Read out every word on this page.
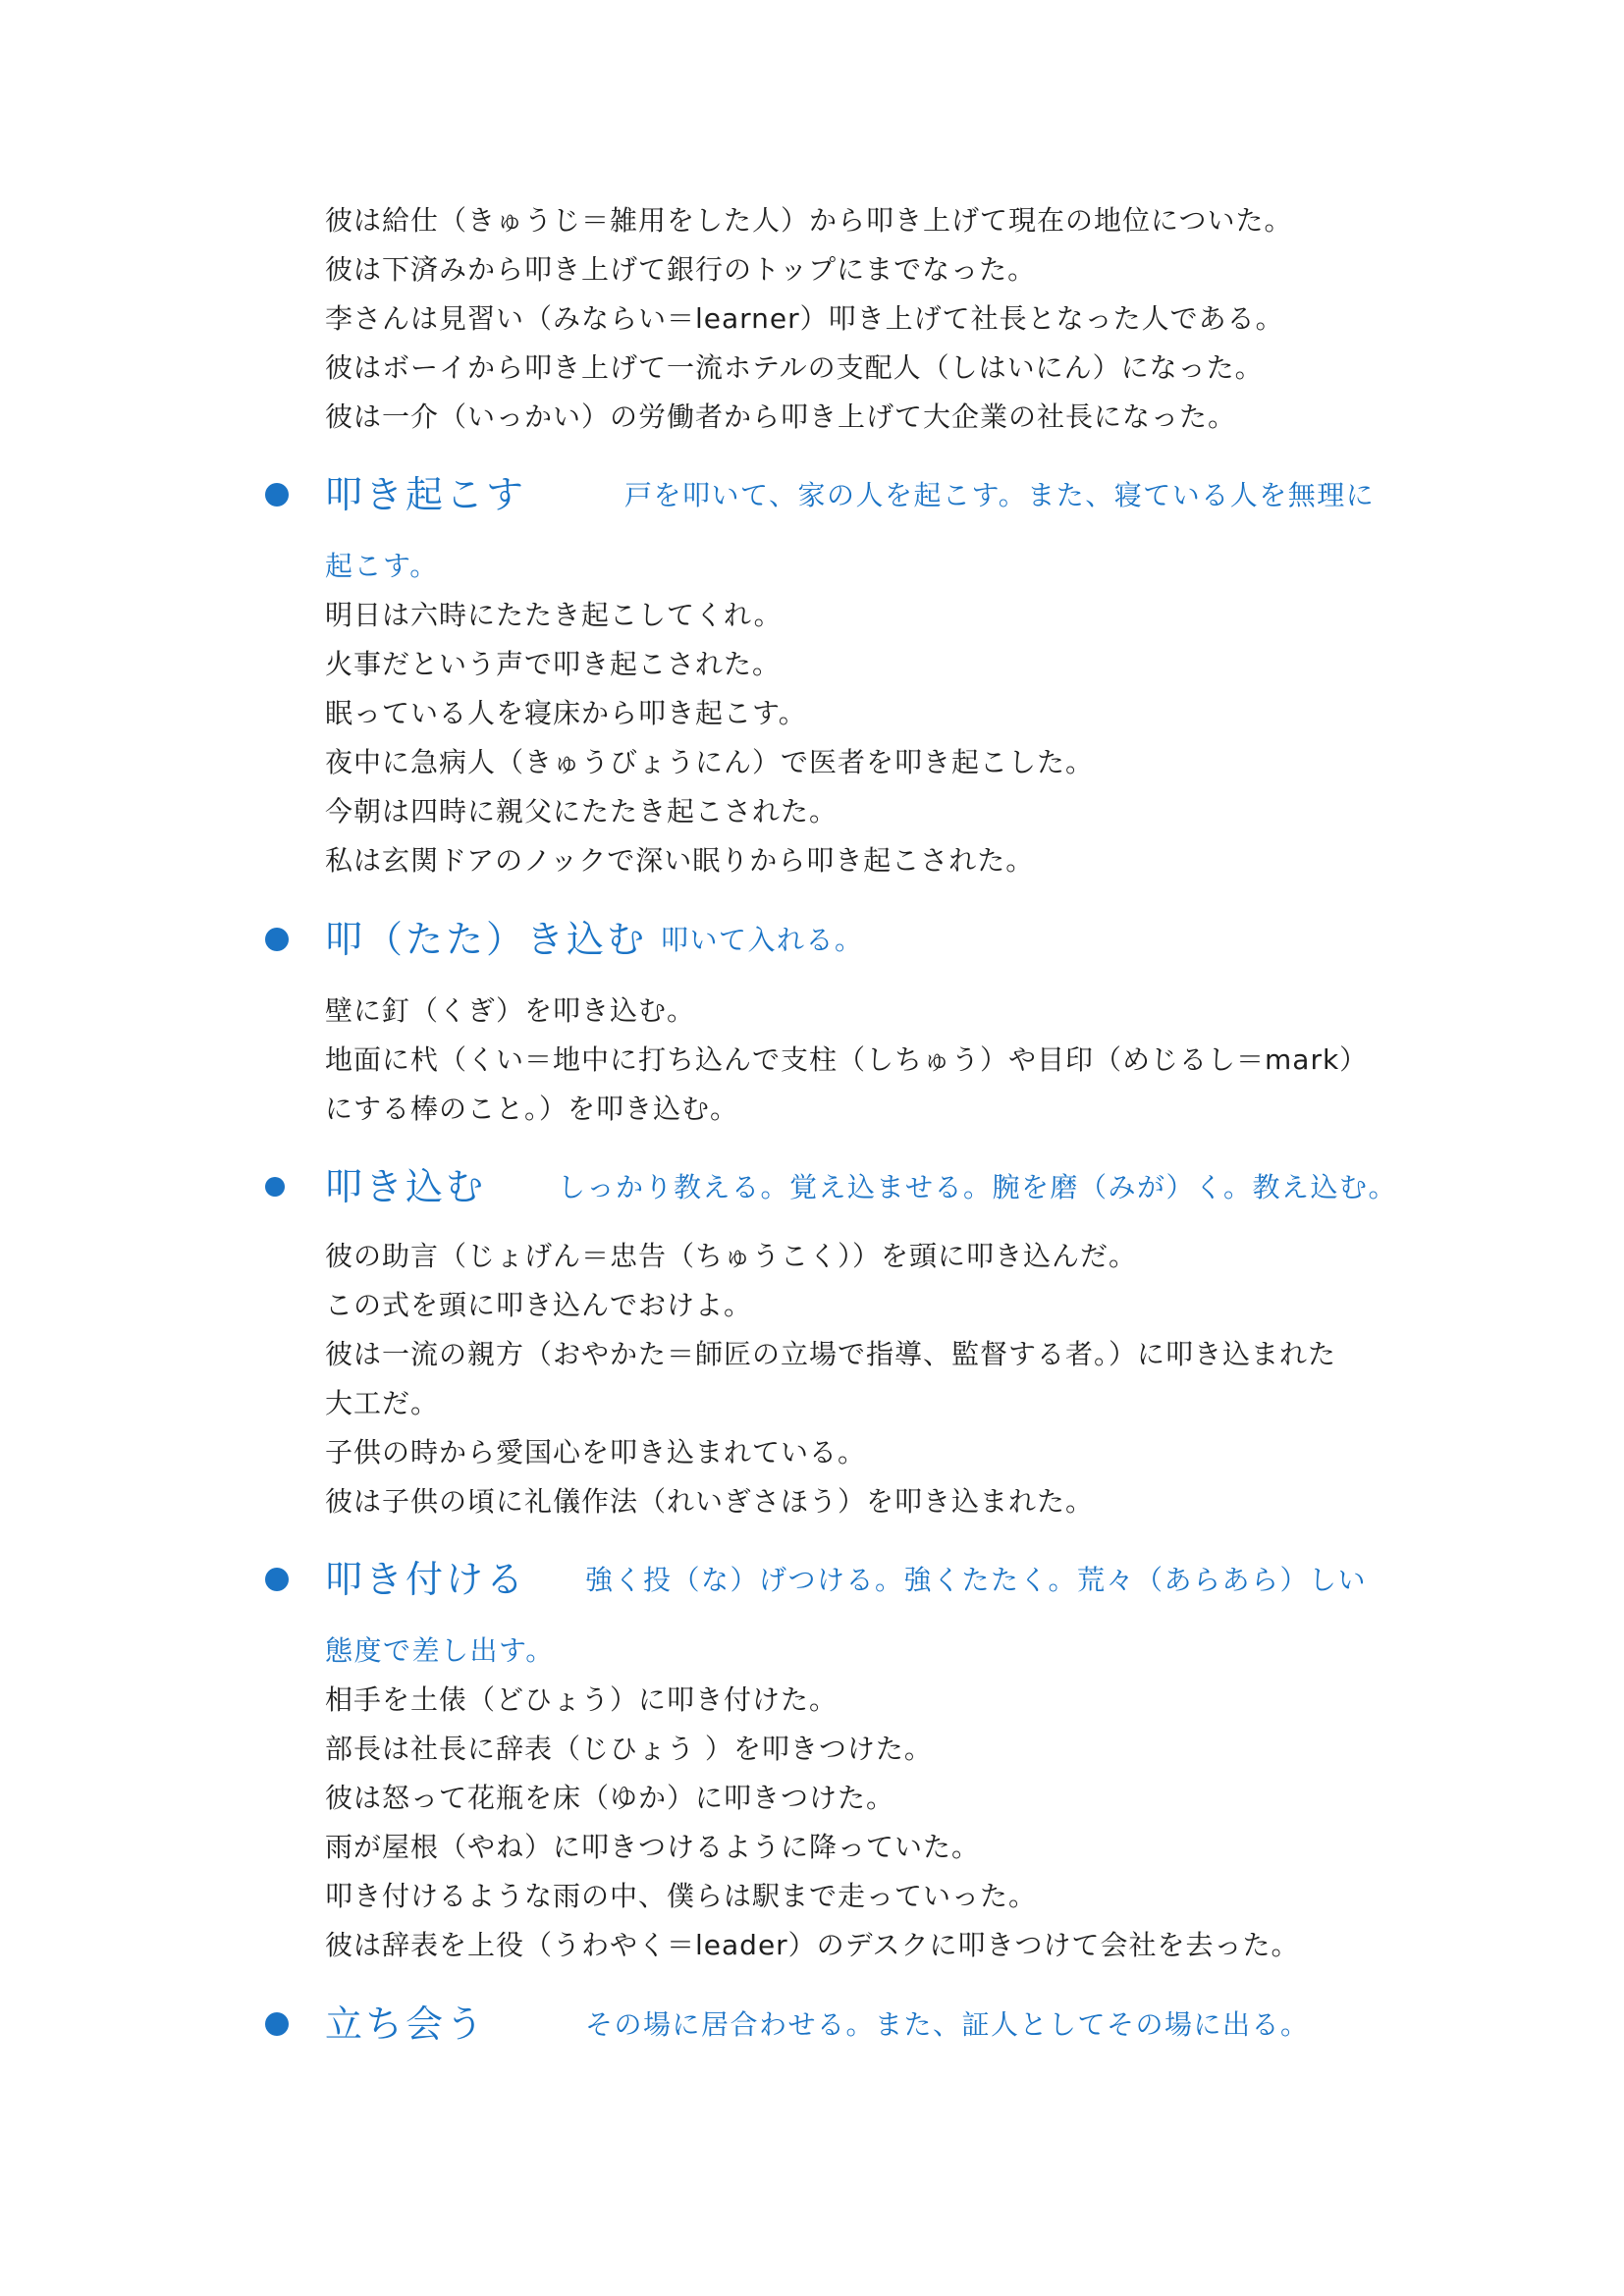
彼は給仕（きゅうじ＝雑用をした人）から叩き上げて現在の地位についた。
彼は下済みから叩き上げて銀行のトップにまでなった。
李さんは見習い（みならい＝learner）叩き上げて社長となった人である。
彼はボーイから叩き上げて一流ホテルの支配人（しはいにん）になった。
彼は一介（いっかい）の労働者から叩き上げて大企業の社長になった。
叩き起こす	戸を叩いて、家の人を起こす。また、寝ている人を無理に
起こす。
明日は六時にたたき起こしてくれ。
火事だという声で叩き起こされた。
眠っている人を寝床から叩き起こす。
夜中に急病人（きゅうびょうにん）で医者を叩き起こした。
今朝は四時に親父にたたき起こされた。
私は玄関ドアのノックで深い眠りから叩き起こされた。
叩（たた）き込む 叩いて入れる。
壁に釘（くぎ）を叩き込む。
地面に杙（くい＝地中に打ち込んで支柱（しちゅう）や目印（めじるし＝mark）
にする棒のこと。）を叩き込む。
叩き込む	しっかり教える。覚え込ませる。腕を磨（みが）く。教え込む。
彼の助言（じょげん＝忠告（ちゅうこく））を頭に叩き込んだ。
この式を頭に叩き込んでおけよ。
彼は一流の親方（おやかた＝師匠の立場で指導、監督する者。）に叩き込まれた
大工だ。
子供の時から愛国心を叩き込まれている。
彼は子供の頃に礼儀作法（れいぎさほう）を叩き込まれた。
叩き付ける 強く投（な）げつける。強くたたく。荒々（あらあら）しい
態度で差し出す。
相手を土俵（どひょう）に叩き付けた。
部長は社長に辞表（じひょう ）を叩きつけた。
彼は怒って花瓶を床（ゆか）に叩きつけた。
雨が屋根（やね）に叩きつけるように降っていた。
叩き付けるような雨の中、僕らは駅まで走っていった。
彼は辞表を上役（うわやく＝leader）のデスクに叩きつけて会社を去った。
立ち会う	その場に居合わせる。また、証人としてその場に出る。
